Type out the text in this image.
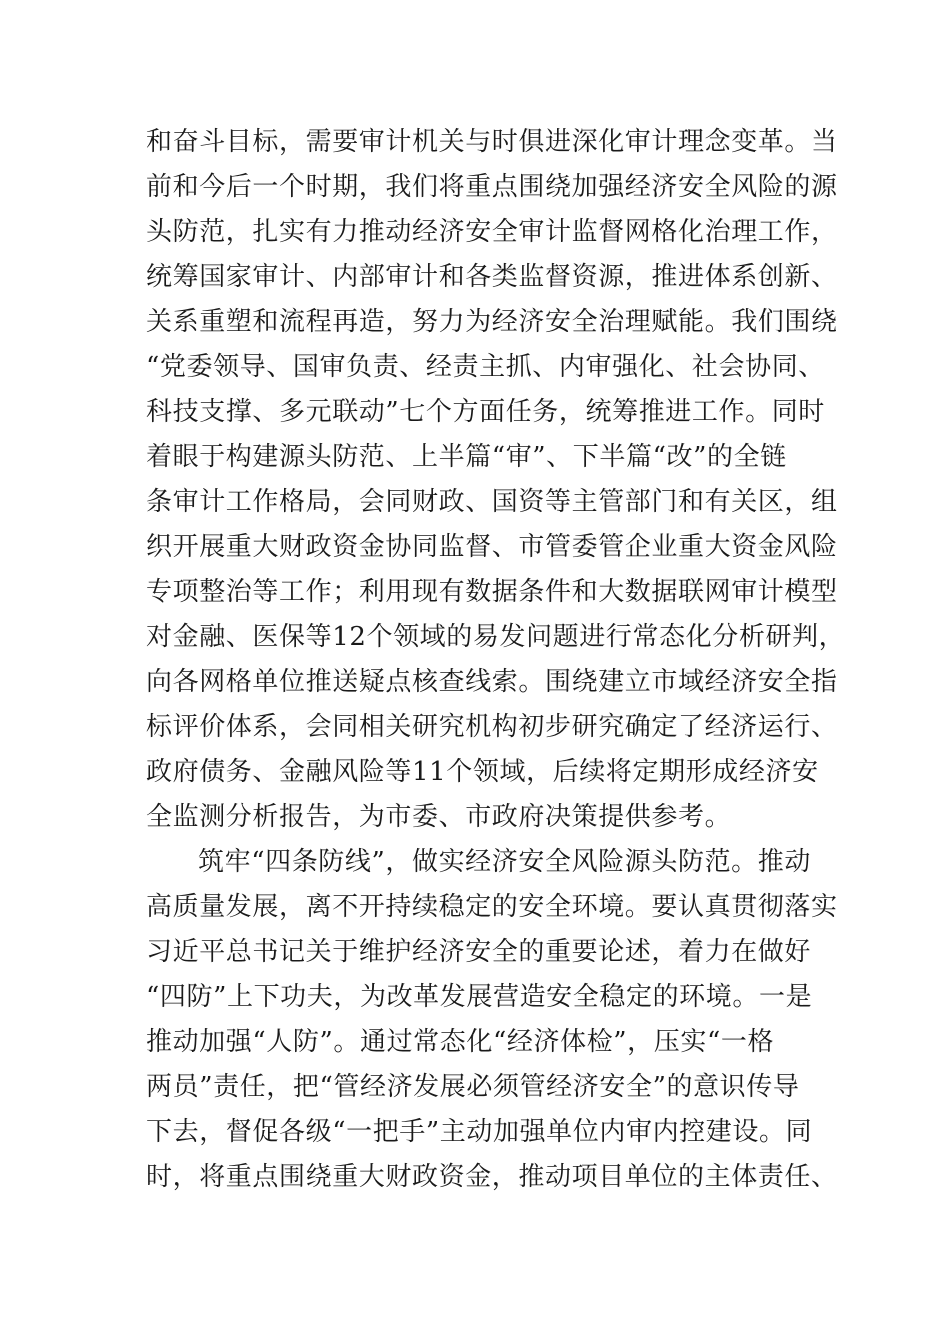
和奋斗目标，需要审计机关与时俱进深化审计理念变革。当
前和今后一个时期，我们将重点围绕加强经济安全风险的源
头防范，扎实有力推动经济安全审计监督网格化治理工作，
统筹国家审计、内部审计和各类监督资源，推进体系创新、
关系重塑和流程再造，努力为经济安全治理赋能。我们围绕
“党委领导、国审负责、经责主抓、内审强化、社会协同、
科技支撑、多元联动”七个方面任务，统筹推进工作。同时
着眼于构建源头防范、上半篇“审”、下半篇“改”的全链
条审计工作格局，会同财政、国资等主管部门和有关区，组
织开展重大财政资金协同监督、市管委管企业重大资金风险
专项整治等工作；利用现有数据条件和大数据联网审计模型
对金融、医保等12个领域的易发问题进行常态化分析研判，
向各网格单位推送疑点核查线索。围绕建立市域经济安全指
标评价体系，会同相关研究机构初步研究确定了经济运行、
政府债务、金融风险等11个领域，后续将定期形成经济安
全监测分析报告，为市委、市政府决策提供参考。
筑牢“四条防线”，做实经济安全风险源头防范。推动
高质量发展，离不开持续稳定的安全环境。要认真贯彻落实
习近平总书记关于维护经济安全的重要论述，着力在做好
“四防”上下功夫，为改革发展营造安全稳定的环境。一是
推动加强“人防”。通过常态化“经济体检”，压实“一格
两员”责任，把“管经济发展必须管经济安全”的意识传导
下去，督促各级“一把手”主动加强单位内审内控建设。同
时，将重点围绕重大财政资金，推动项目单位的主体责任、
